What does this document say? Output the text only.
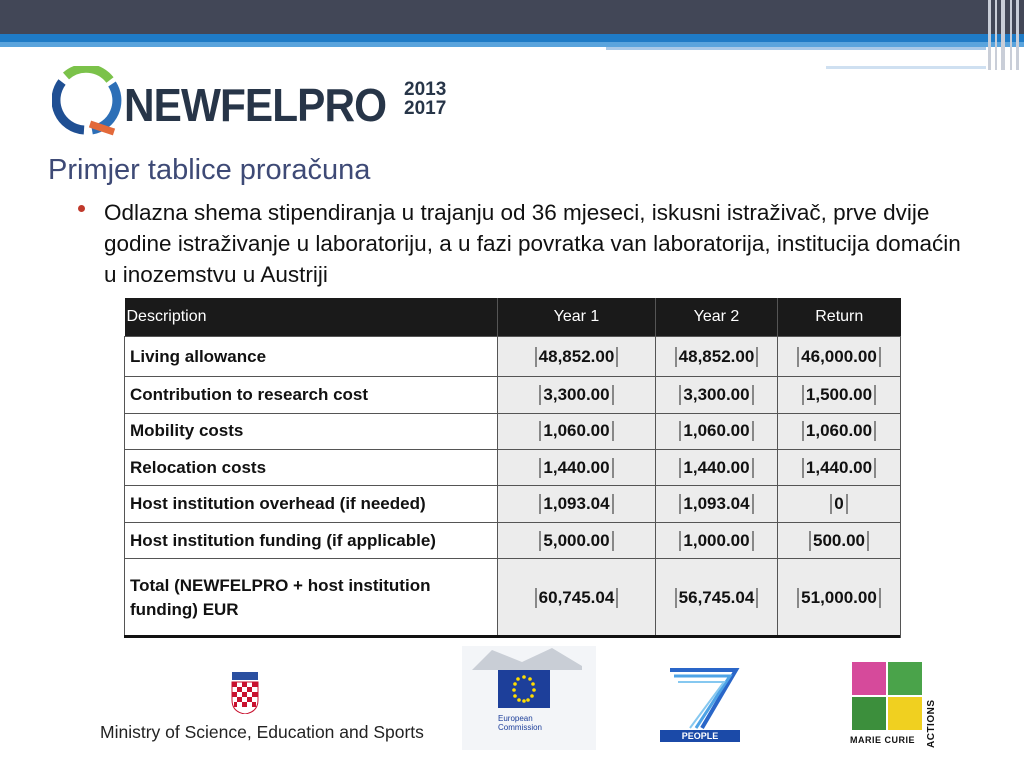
NEWFELPRO 2013
2017
Primjer tablice proračuna
Odlazna shema stipendiranja u trajanju od 36 mjeseci, iskusni istraživač, prve dvije godine istraživanje u laboratoriju, a u fazi povratka van laboratorija, institucija domaćin u inozemstvu u Austriji
Description	Year 1	Year 2	Return
Living allowance	48,852.00	48,852.00	46,000.00
Contribution to research cost	3,300.00	3,300.00	1,500.00
Mobility costs	1,060.00	1,060.00	1,060.00
Relocation costs	1,440.00	1,440.00	1,440.00
Host institution overhead (if needed)	1,093.04	1,093.04	0
Host institution funding (if applicable)	5,000.00	1,000.00	500.00
Total (NEWFELPRO + host institution funding) EUR	60,745.04	56,745.04	51,000.00
Ministry of Science, Education and Sports
European Commission
PEOPLE	MARIE CURIE ACTIONS
